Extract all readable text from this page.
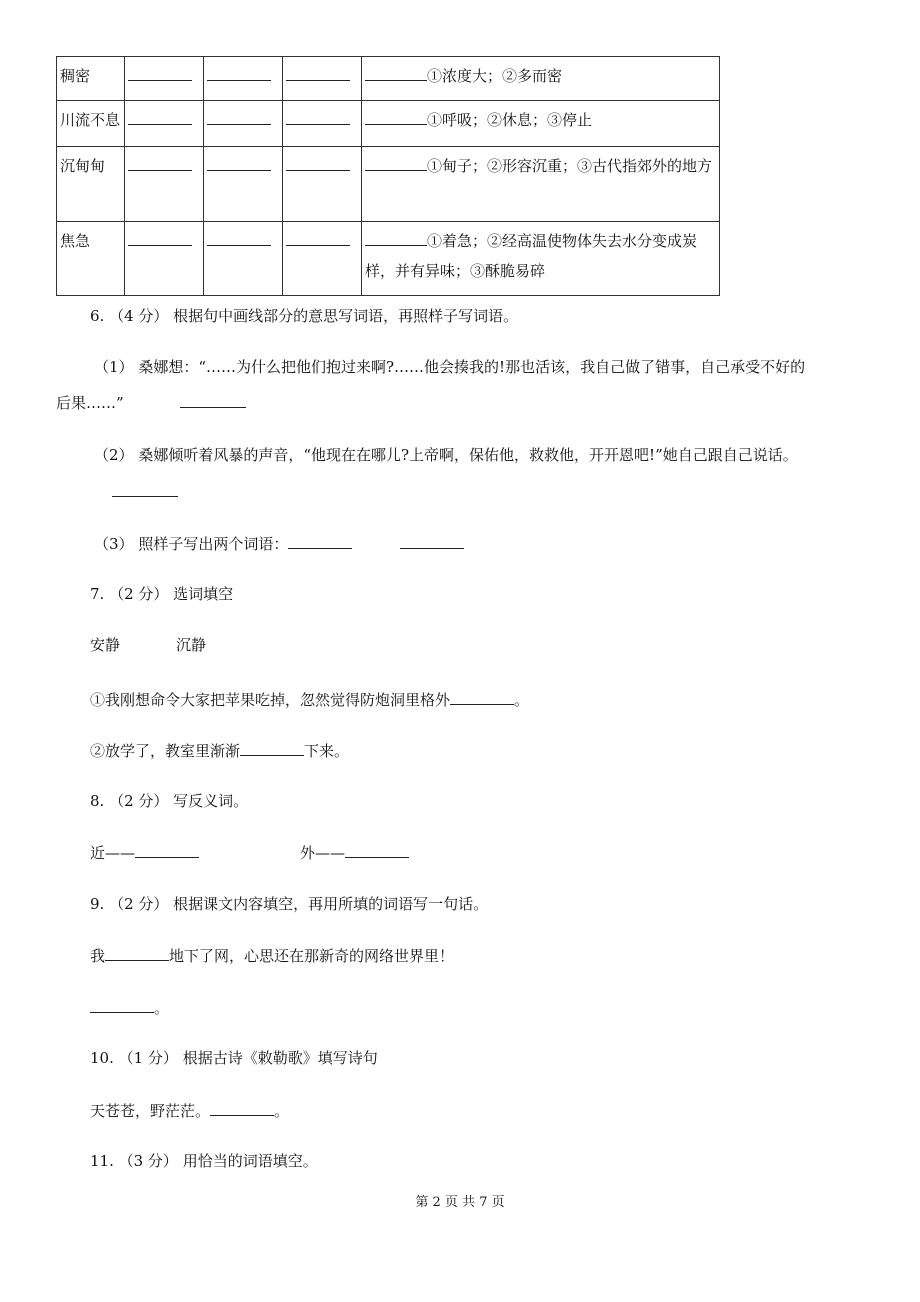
稠密				①浓度大；②多而密
川流不息				①呼吸；②休息；③停止
沉甸甸				①甸子；②形容沉重；③古代指郊外的地方
焦急				①着急；②经高温使物体失去水分变成炭样，并有异味；③酥脆易碎
6. （4 分） 根据句中画线部分的意思写词语，再照样子写词语。
（1） 桑娜想：“……为什么把他们抱过来啊?……他会揍我的!那也活该，我自己做了错事，自己承受不好的
后果……”
（2） 桑娜倾听着风暴的声音，“他现在在哪儿?上帝啊，保佑他，救救他，开开恩吧!”她自己跟自己说话。
（3） 照样子写出两个词语：
7. （2 分） 选词填空
安静	沉静
①我刚想命令大家把苹果吃掉，忽然觉得防炮洞里格外	。
②放学了，教室里渐渐	下来。
8. （2 分） 写反义词。
近——	外——
9. （2 分） 根据课文内容填空，再用所填的词语写一句话。
我	地下了网，心思还在那新奇的网络世界里！
。
10. （1 分） 根据古诗《敕勒歌》填写诗句
天苍苍，野茫茫。	。
11. （3 分） 用恰当的词语填空。
第 2 页 共 7 页
